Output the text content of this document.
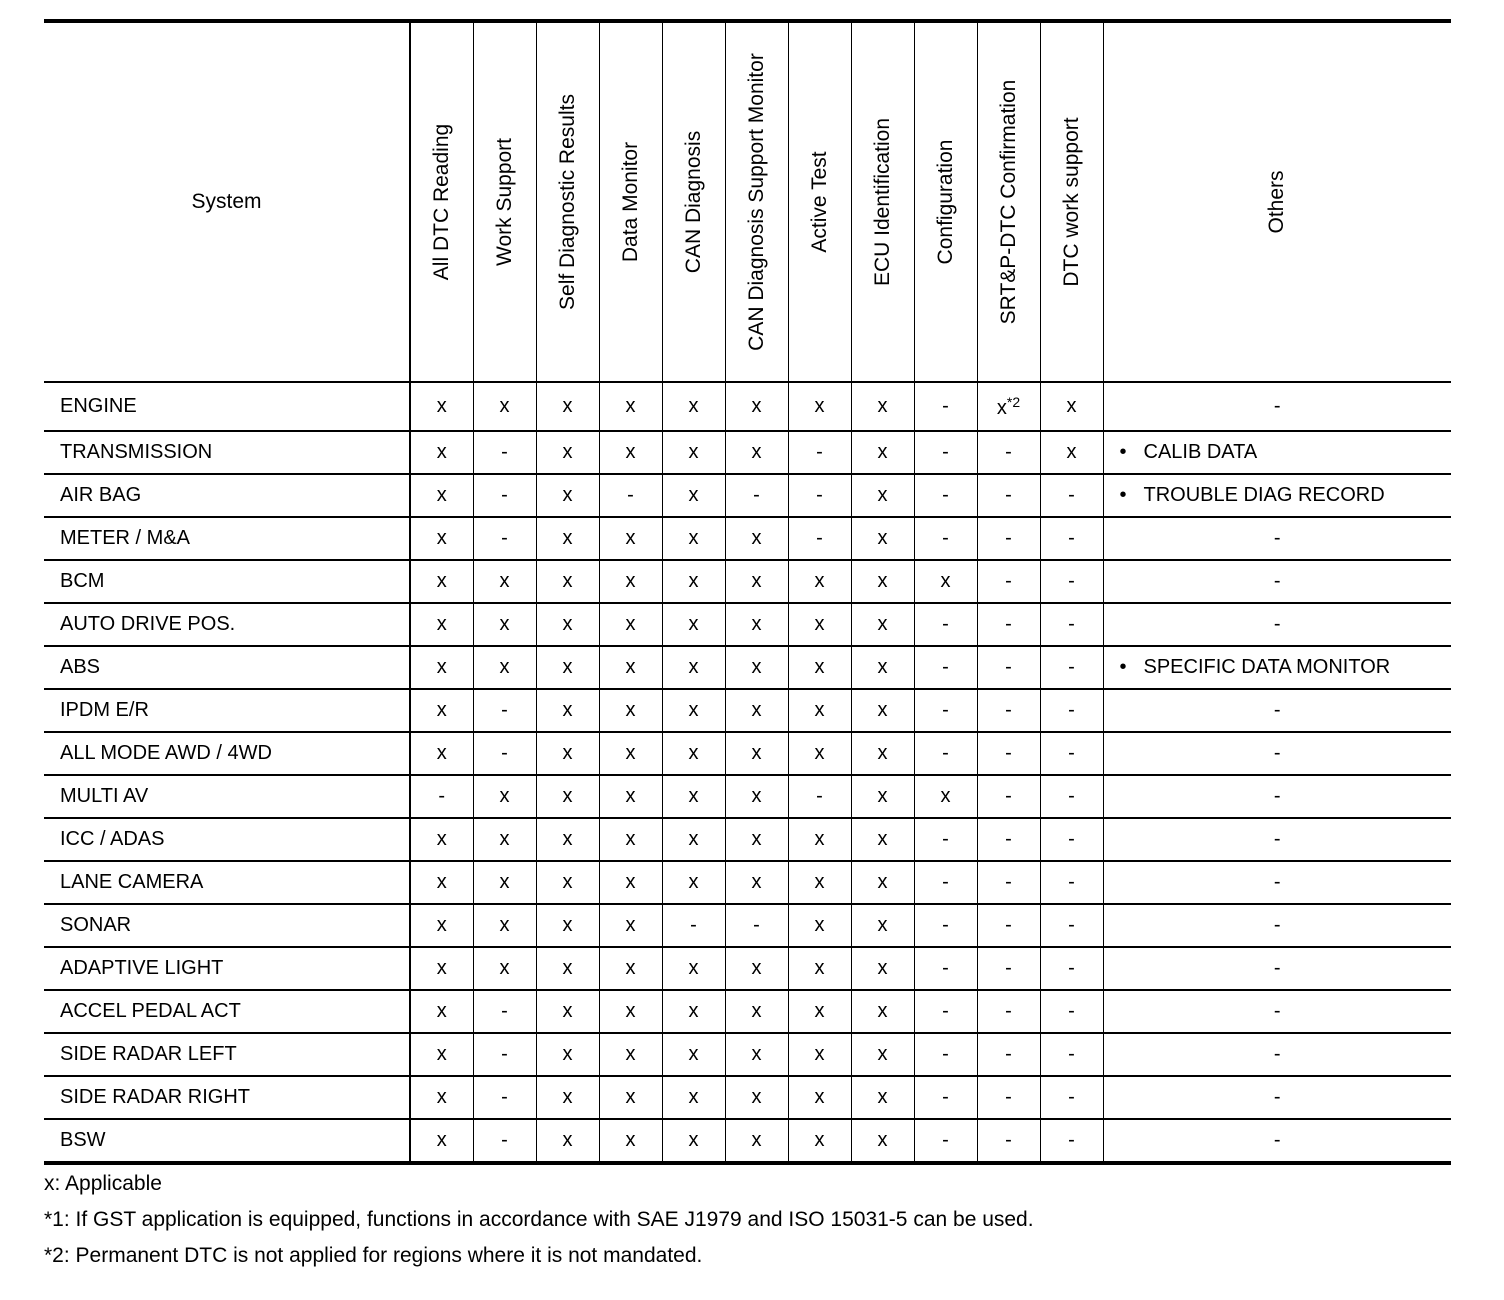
System	All DTC Reading	Work Support	Self Diagnostic Results	Data Monitor	CAN Diagnosis	CAN Diagnosis Support Monitor	Active Test	ECU Identification	Configuration	SRT&P-DTC Confirmation	DTC work support	Others

ENGINE	x	x	x	x	x	x	x	x	-	$x^{*2}$	x	-
TRANSMISSION	x	-	x	x	x	x	-	x	-	-	x	• CALIB DATA
AIR BAG	x	-	x	-	x	-	-	x	-	-	-	• TROUBLE DIAG RECORD
METER / M&A	x	-	x	x	x	x	-	x	-	-	-	-
BCM	x	x	x	x	x	x	x	x	x	-	-	-
AUTO DRIVE POS.	x	x	x	x	x	x	x	x	-	-	-	-
ABS	x	x	x	x	x	x	x	x	-	-	-	• SPECIFIC DATA MONITOR
IPDM E/R	x	-	x	x	x	x	x	x	-	-	-	-
ALL MODE AWD / 4WD	x	-	x	x	x	x	x	x	-	-	-	-
MULTI AV	-	x	x	x	x	x	-	x	x	-	-	-
ICC / ADAS	x	x	x	x	x	x	x	x	-	-	-	-
LANE CAMERA	x	x	x	x	x	x	x	x	-	-	-	-
SONAR	x	x	x	x	-	-	x	x	-	-	-	-
ADAPTIVE LIGHT	x	x	x	x	x	x	x	x	-	-	-	-
ACCEL PEDAL ACT	x	-	x	x	x	x	x	x	-	-	-	-
SIDE RADAR LEFT	x	-	x	x	x	x	x	x	-	-	-	-
SIDE RADAR RIGHT	x	-	x	x	x	x	x	x	-	-	-	-
BSW	x	-	x	x	x	x	x	x	-	-	-	-
x: Applicable
*1: If GST application is equipped, functions in accordance with SAE J1979 and ISO 15031-5 can be used.
*2: Permanent DTC is not applied for regions where it is not mandated.
